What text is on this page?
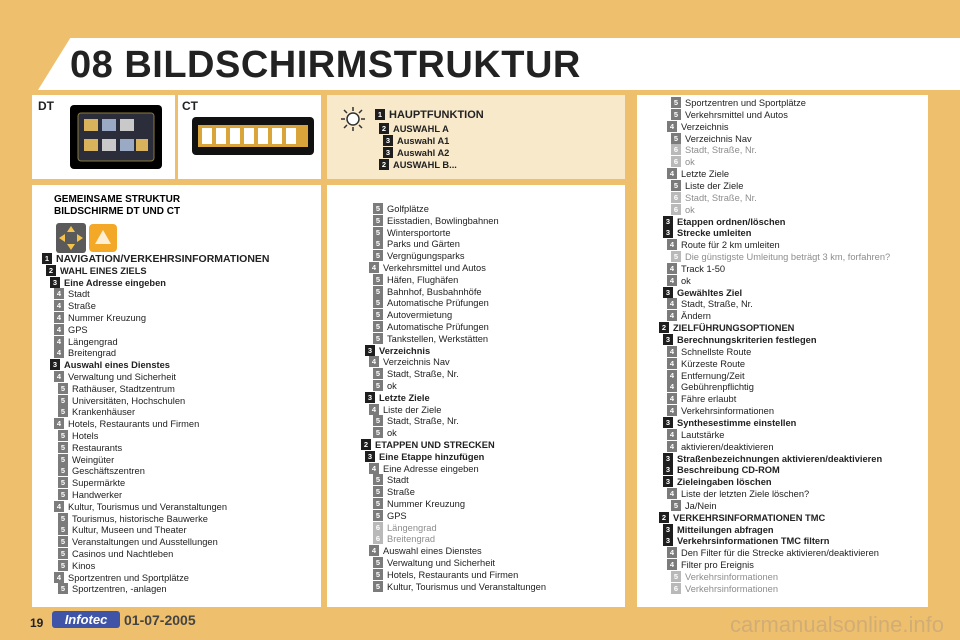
08 BILDSCHIRMSTRUKTUR
DT	CT
1 HAUPTFUNKTION
2 AUSWAHL A
3 Auswahl A1
3 Auswahl A2
2 AUSWAHL B...
GEMEINSAME STRUKTUR
BILDSCHIRME DT UND CT
1 NAVIGATION/VERKEHRSINFORMATIONEN
2 WAHL EINES ZIELS
3 Eine Adresse eingeben
4 Stadt
4 Straße
4 Nummer Kreuzung
4 GPS
4 Längengrad
4 Breitengrad
3 Auswahl eines Dienstes
4 Verwaltung und Sicherheit
5 Rathäuser, Stadtzentrum
5 Universitäten, Hochschulen
5 Krankenhäuser
4 Hotels, Restaurants und Firmen
5 Hotels
5 Restaurants
5 Weingüter
5 Geschäftszentren
5 Supermärkte
5 Handwerker
4 Kultur, Tourismus und Veranstaltungen
5 Tourismus, historische Bauwerke
5 Kultur, Museen und Theater
5 Veranstaltungen und Ausstellungen
5 Casinos und Nachtleben
5 Kinos
4 Sportzentren und Sportplätze
5 Sportzentren, -anlagen
5 Golfplätze
5 Eisstadien, Bowlingbahnen
5 Wintersportorte
5 Parks und Gärten
5 Vergnügungsparks
4 Verkehrsmittel und Autos
5 Häfen, Flughäfen
5 Bahnhof, Busbahnhöfe
5 Automatische Prüfungen
5 Autovermietung
5 Automatische Prüfungen
5 Tankstellen, Werkstätten
3 Verzeichnis
4 Verzeichnis Nav
5 Stadt, Straße, Nr.
5 ok
3 Letzte Ziele
4 Liste der Ziele
5 Stadt, Straße, Nr.
5 ok
2 ETAPPEN UND STRECKEN
3 Eine Etappe hinzufügen
4 Eine Adresse eingeben
5 Stadt
5 Straße
5 Nummer Kreuzung
5 GPS
6 Längengrad
6 Breitengrad
4 Auswahl eines Dienstes
5 Verwaltung und Sicherheit
5 Hotels, Restaurants und Firmen
5 Kultur, Tourismus und Veranstaltungen
5 Sportzentren und Sportplätze
5 Verkehrsmittel und Autos
4 Verzeichnis
5 Verzeichnis Nav
6 Stadt, Straße, Nr.
6 ok
4 Letzte Ziele
5 Liste der Ziele
6 Stadt, Straße, Nr.
6 ok
3 Etappen ordnen/löschen
3 Strecke umleiten
4 Route für 2 km umleiten
5 Die günstigste Umleitung beträgt 3 km, forfahren?
4 Track 1-50
4 ok
3 Gewähltes Ziel
4 Stadt, Straße, Nr.
4 Ändern
2 ZIELFÜHRUNGSOPTIONEN
3 Berechnungskriterien festlegen
4 Schnellste Route
4 Kürzeste Route
4 Entfernung/Zeit
4 Gebührenpflichtig
4 Fähre erlaubt
4 Verkehrsinformationen
3 Synthesestimme einstellen
4 Lautstärke
4 aktivieren/deaktivieren
3 Straßenbezeichnungen aktivieren/deaktivieren
3 Beschreibung CD-ROM
3 Zieleingaben löschen
4 Liste der letzten Ziele löschen?
5 Ja/Nein
2 VERKEHRSINFORMATIONEN TMC
3 Mitteilungen abfragen
3 Verkehrsinformationen TMC filtern
4 Den Filter für die Strecke aktivieren/deaktivieren
4 Filter pro Ereignis
5 Verkehrsinformationen
6 Verkehrsinformationen
19	Infotec	01-07-2005	carmanualsonline.info
